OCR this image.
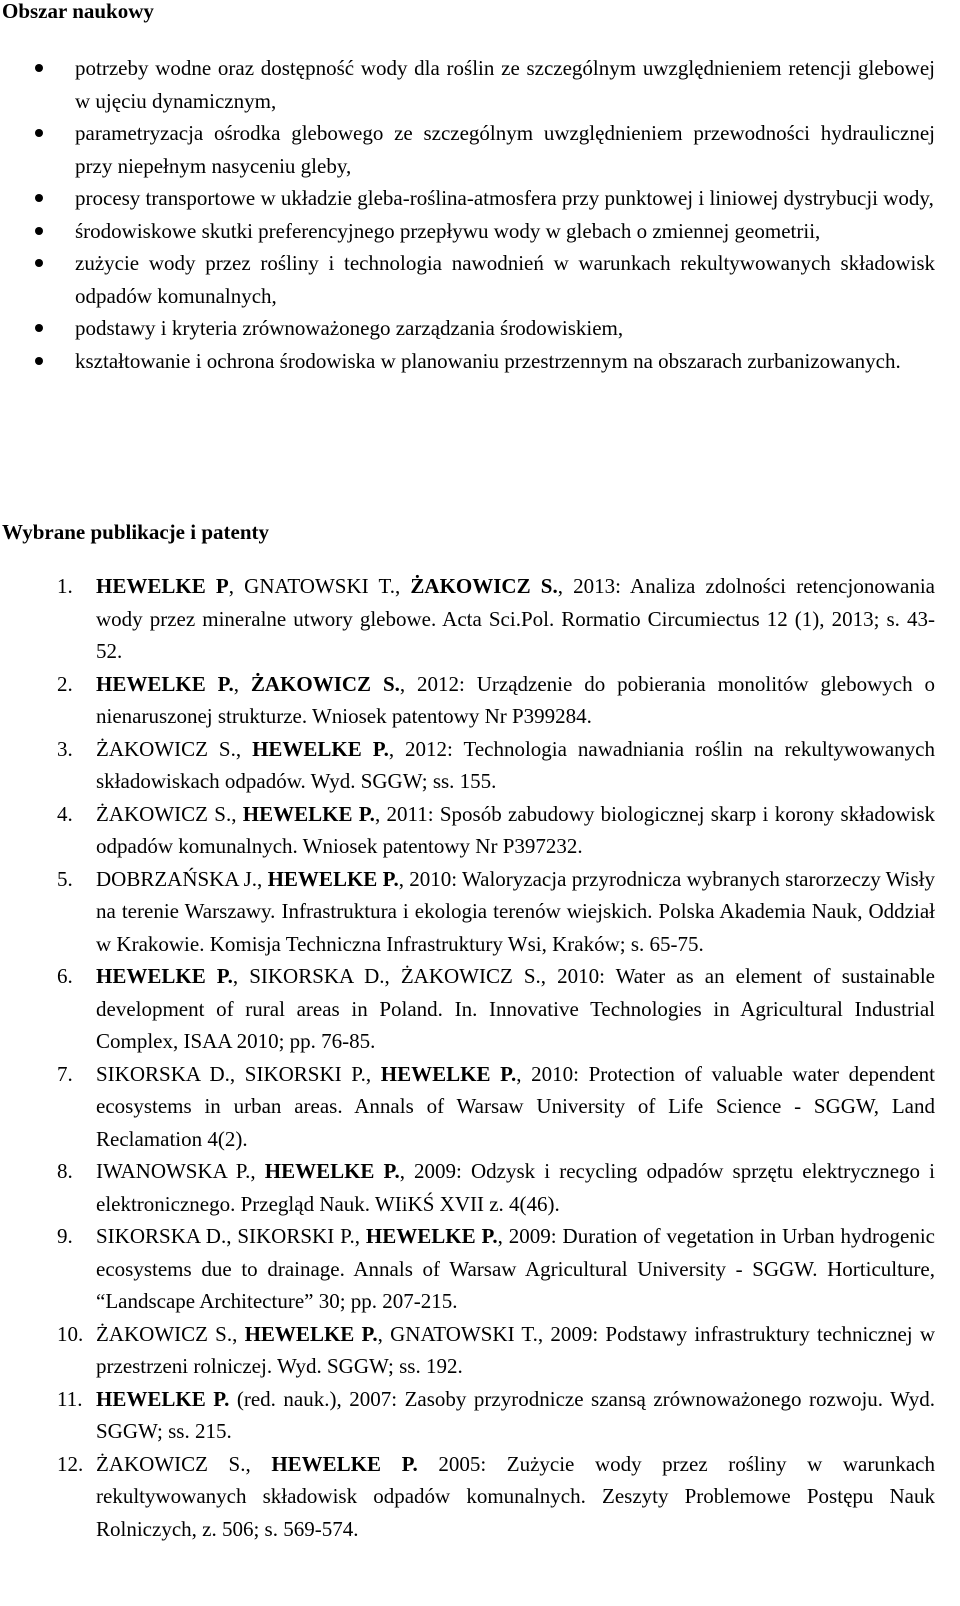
Obszar naukowy
potrzeby wodne oraz dostępność wody dla roślin ze szczególnym uwzględnieniem retencji glebowej w ujęciu dynamicznym,
parametryzacja ośrodka glebowego ze szczególnym uwzględnieniem przewodności hydraulicznej przy niepełnym nasyceniu gleby,
procesy transportowe w układzie gleba-roślina-atmosfera przy punktowej i liniowej dystrybucji wody,
środowiskowe skutki preferencyjnego przepływu wody w glebach o zmiennej geometrii,
zużycie wody przez rośliny i technologia nawodnień w warunkach rekultywowanych składowisk odpadów komunalnych,
podstawy i kryteria zrównoważonego zarządzania środowiskiem,
kształtowanie i ochrona środowiska w planowaniu przestrzennym na obszarach zurbanizowanych.
Wybrane publikacje i patenty
1.	HEWELKE P, GNATOWSKI T., ŻAKOWICZ S., 2013: Analiza zdolności retencjonowania wody przez mineralne utwory glebowe. Acta Sci.Pol. Rormatio Circumiectus 12 (1), 2013; s. 43-52.
2.	HEWELKE P., ŻAKOWICZ S., 2012: Urządzenie do pobierania monolitów glebowych o nienaruszonej strukturze. Wniosek patentowy Nr P399284.
3.	ŻAKOWICZ S., HEWELKE P., 2012: Technologia nawadniania roślin na rekultywowanych składowiskach odpadów. Wyd. SGGW; ss. 155.
4.	ŻAKOWICZ S., HEWELKE P., 2011: Sposób zabudowy biologicznej skarp i korony składowisk odpadów komunalnych. Wniosek patentowy Nr P397232.
5.	DOBRZAŃSKA J., HEWELKE P., 2010: Waloryzacja przyrodnicza wybranych starorzeczy Wisły na terenie Warszawy. Infrastruktura i ekologia terenów wiejskich. Polska Akademia Nauk, Oddział w Krakowie. Komisja Techniczna Infrastruktury Wsi, Kraków; s. 65-75.
6.	HEWELKE P., SIKORSKA D., ŻAKOWICZ S., 2010: Water as an element of sustainable development of rural areas in Poland. In. Innovative Technologies in Agricultural Industrial Complex, ISAA 2010; pp. 76-85.
7.	SIKORSKA D., SIKORSKI P., HEWELKE P., 2010: Protection of valuable water dependent ecosystems in urban areas. Annals of Warsaw University of Life Science - SGGW, Land Reclamation 4(2).
8.	IWANOWSKA P., HEWELKE P., 2009: Odzysk i recycling odpadów sprzętu elektrycznego i elektronicznego. Przegląd Nauk. WIiKŚ XVII z. 4(46).
9.	SIKORSKA D., SIKORSKI P., HEWELKE P., 2009: Duration of vegetation in Urban hydrogenic ecosystems due to drainage. Annals of Warsaw Agricultural University - SGGW. Horticulture, “Landscape Architecture” 30; pp. 207-215.
10. ŻAKOWICZ S., HEWELKE P., GNATOWSKI T., 2009: Podstawy infrastruktury technicznej w przestrzeni rolniczej. Wyd. SGGW; ss. 192.
11. HEWELKE P. (red. nauk.), 2007: Zasoby przyrodnicze szansą zrównoważonego rozwoju. Wyd. SGGW; ss. 215.
12. ŻAKOWICZ S., HEWELKE P. 2005: Zużycie wody przez rośliny w warunkach rekultywowanych składowisk odpadów komunalnych. Zeszyty Problemowe Postępu Nauk Rolniczych, z. 506; s. 569-574.
